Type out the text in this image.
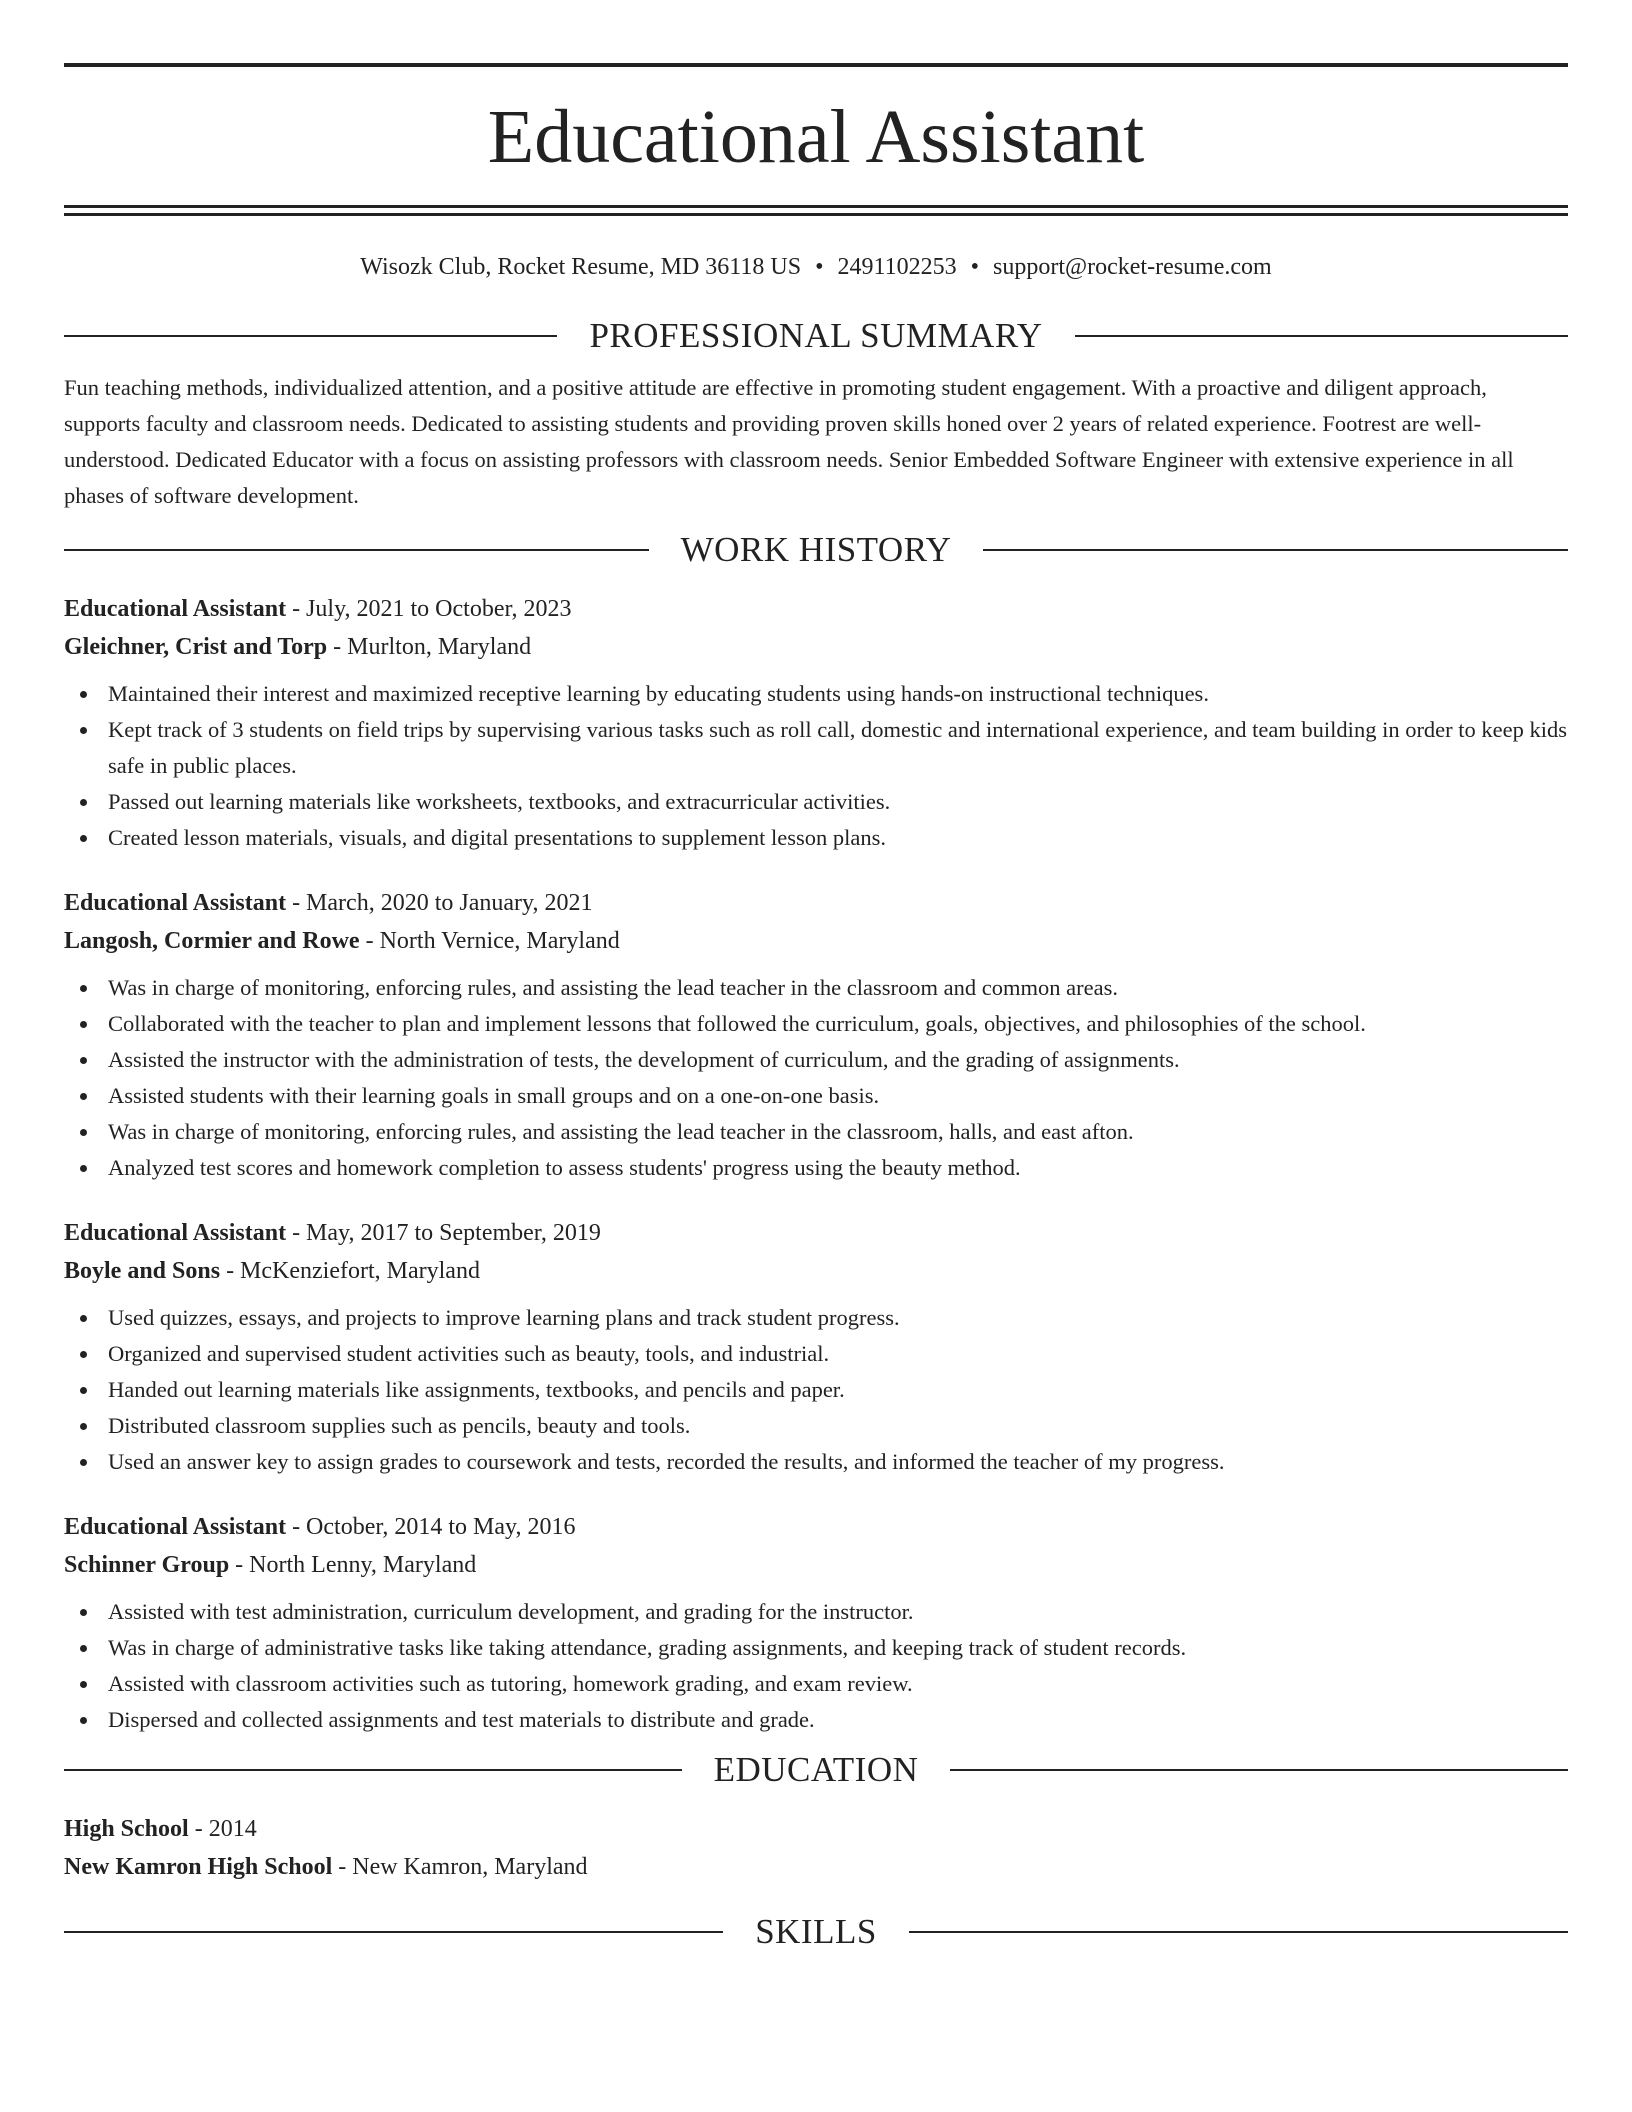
Educational Assistant
Wisozk Club, Rocket Resume, MD 36118 US • 2491102253 • support@rocket-resume.com
PROFESSIONAL SUMMARY
Fun teaching methods, individualized attention, and a positive attitude are effective in promoting student engagement. With a proactive and diligent approach, supports faculty and classroom needs. Dedicated to assisting students and providing proven skills honed over 2 years of related experience. Footrest are well-understood. Dedicated Educator with a focus on assisting professors with classroom needs. Senior Embedded Software Engineer with extensive experience in all phases of software development.
WORK HISTORY
Educational Assistant - July, 2021 to October, 2023
Gleichner, Crist and Torp - Murlton, Maryland
Maintained their interest and maximized receptive learning by educating students using hands-on instructional techniques.
Kept track of 3 students on field trips by supervising various tasks such as roll call, domestic and international experience, and team building in order to keep kids safe in public places.
Passed out learning materials like worksheets, textbooks, and extracurricular activities.
Created lesson materials, visuals, and digital presentations to supplement lesson plans.
Educational Assistant - March, 2020 to January, 2021
Langosh, Cormier and Rowe - North Vernice, Maryland
Was in charge of monitoring, enforcing rules, and assisting the lead teacher in the classroom and common areas.
Collaborated with the teacher to plan and implement lessons that followed the curriculum, goals, objectives, and philosophies of the school.
Assisted the instructor with the administration of tests, the development of curriculum, and the grading of assignments.
Assisted students with their learning goals in small groups and on a one-on-one basis.
Was in charge of monitoring, enforcing rules, and assisting the lead teacher in the classroom, halls, and east afton.
Analyzed test scores and homework completion to assess students' progress using the beauty method.
Educational Assistant - May, 2017 to September, 2019
Boyle and Sons - McKenziefort, Maryland
Used quizzes, essays, and projects to improve learning plans and track student progress.
Organized and supervised student activities such as beauty, tools, and industrial.
Handed out learning materials like assignments, textbooks, and pencils and paper.
Distributed classroom supplies such as pencils, beauty and tools.
Used an answer key to assign grades to coursework and tests, recorded the results, and informed the teacher of my progress.
Educational Assistant - October, 2014 to May, 2016
Schinner Group - North Lenny, Maryland
Assisted with test administration, curriculum development, and grading for the instructor.
Was in charge of administrative tasks like taking attendance, grading assignments, and keeping track of student records.
Assisted with classroom activities such as tutoring, homework grading, and exam review.
Dispersed and collected assignments and test materials to distribute and grade.
EDUCATION
High School - 2014
New Kamron High School - New Kamron, Maryland
SKILLS
